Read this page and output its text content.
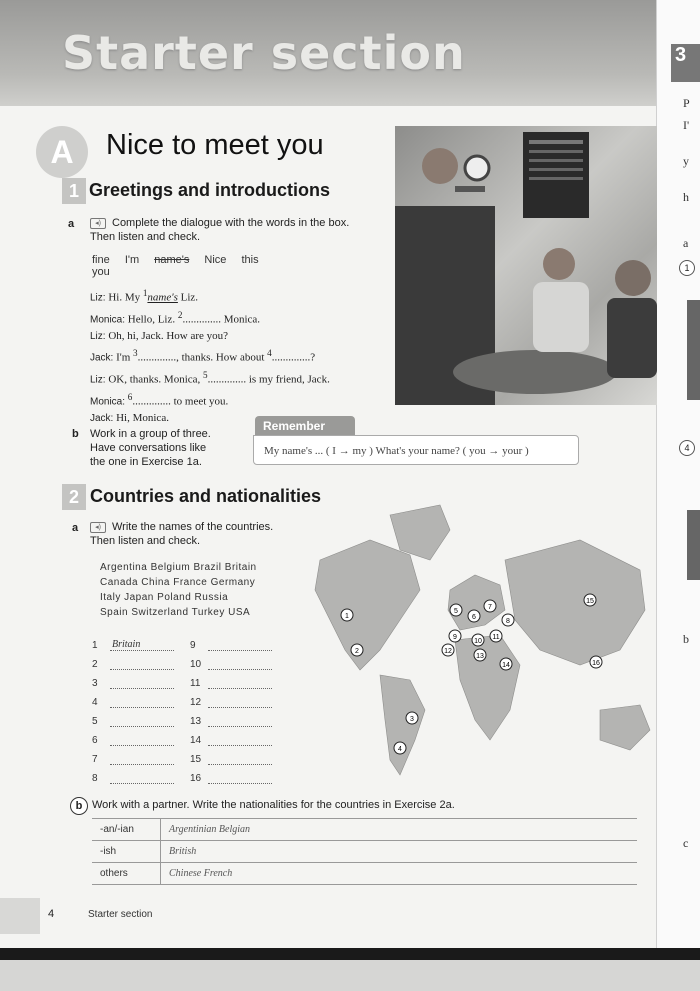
Starter section	3
P
I'
y
h
a
1
4
b
c
A	Nice to meet you
1 Greetings and introductions
a	◂) Complete the dialogue with the words in the box.
Then listen and check.
fine I'm name's Nice this you
Liz: Hi. My $^1$name's Liz.
Monica: Hello, Liz. $^2$.............. Monica.
Liz: Oh, hi, Jack. How are you?
Jack: I'm $^3$.............., thanks. How about $^4$..............?
Liz: OK, thanks. Monica, $^5$.............. is my friend, Jack.
Monica: $^6$.............. to meet you.
Jack: Hi, Monica.
b Work in a group of three.
Have conversations like
the one in Exercise 1a.
Remember
My name's ... ( I → my ) What's your name? ( you → your )
2 Countries and nationalities
a	◂) Write the names of the countries.
Then listen and check.
Argentina Belgium Brazil Britain
Canada China France Germany
Italy Japan Poland Russia
Spain Switzerland Turkey USA
1	Britain
2
3
4
5
6
7
8
9
10
11
12
13
14
15
16
1
2
3
4
5
6
7
8
9
10
11
12
13
14
15
16
b Work with a partner. Write the nationalities for the countries in Exercise 2a.
-an/-ian	Argentinian Belgian
-ish	British
others	Chinese French
4	Starter section
